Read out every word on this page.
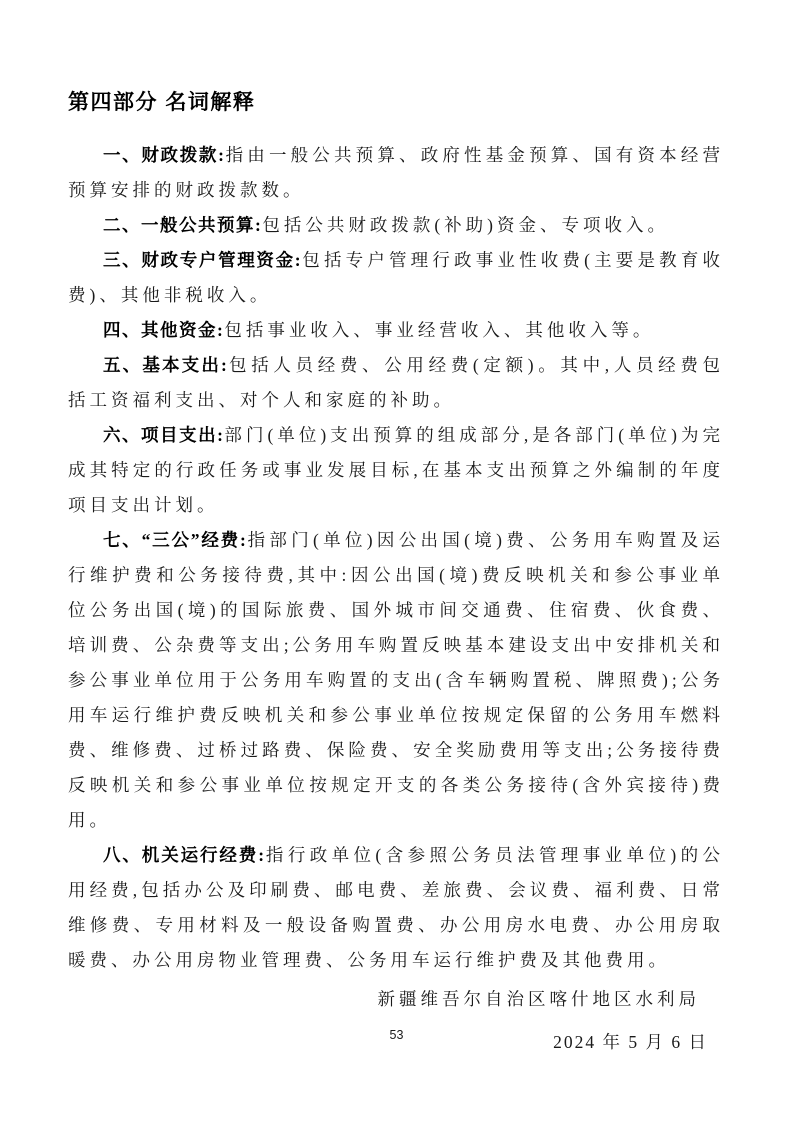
第四部分 名词解释

一、财政拨款:指由一般公共预算、政府性基金预算、国有资本经营预算安排的财政拨款数。

二、一般公共预算:包括公共财政拨款(补助)资金、专项收入。

三、财政专户管理资金:包括专户管理行政事业性收费(主要是教育收费)、其他非税收入。

四、其他资金:包括事业收入、事业经营收入、其他收入等。

五、基本支出:包括人员经费、公用经费(定额)。其中,人员经费包括工资福利支出、对个人和家庭的补助。

六、项目支出:部门(单位)支出预算的组成部分,是各部门(单位)为完成其特定的行政任务或事业发展目标,在基本支出预算之外编制的年度项目支出计划。

七、“三公”经费:指部门(单位)因公出国(境)费、公务用车购置及运行维护费和公务接待费,其中:因公出国(境)费反映机关和参公事业单位公务出国(境)的国际旅费、国外城市间交通费、住宿费、伙食费、培训费、公杂费等支出;公务用车购置反映基本建设支出中安排机关和参公事业单位用于公务用车购置的支出(含车辆购置税、牌照费);公务用车运行维护费反映机关和参公事业单位按规定保留的公务用车燃料费、维修费、过桥过路费、保险费、安全奖励费用等支出;公务接待费反映机关和参公事业单位按规定开支的各类公务接待(含外宾接待)费用。

八、机关运行经费:指行政单位(含参照公务员法管理事业单位)的公用经费,包括办公及印刷费、邮电费、差旅费、会议费、福利费、日常维修费、专用材料及一般设备购置费、办公用房水电费、办公用房取暖费、办公用房物业管理费、公务用车运行维护费及其他费用。

新疆维吾尔自治区喀什地区水利局
2024 年 5 月 6 日
53
